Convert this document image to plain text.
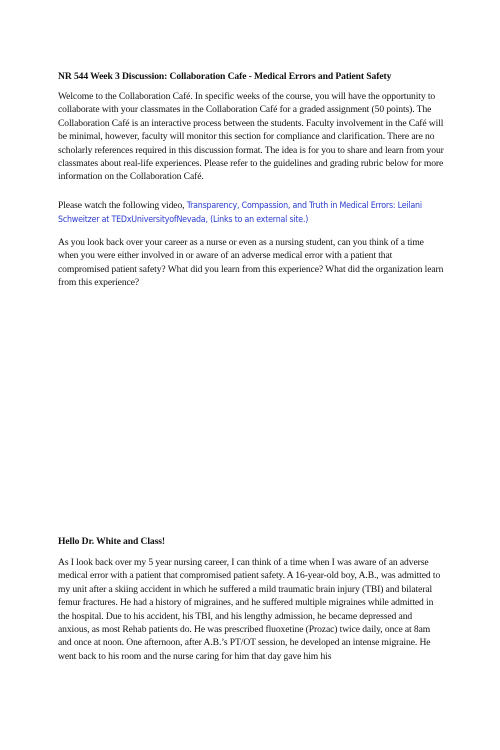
NR 544 Week 3 Discussion: Collaboration Cafe - Medical Errors and Patient Safety

Welcome to the Collaboration Café. In specific weeks of the course, you will have the opportunity to collaborate with your classmates in the Collaboration Café for a graded assignment (50 points). The Collaboration Café is an interactive process between the students. Faculty involvement in the Café will be minimal, however, faculty will monitor this section for compliance and clarification. There are no scholarly references required in this discussion format. The idea is for you to share and learn from your classmates about real-life experiences. Please refer to the guidelines and grading rubric below for more information on the Collaboration Café.

Please watch the following video, Transparency, Compassion, and Truth in Medical Errors: Leilani Schweitzer at TEDxUniversityofNevada, (Links to an external site.)

As you look back over your career as a nurse or even as a nursing student, can you think of a time when you were either involved in or aware of an adverse medical error with a patient that compromised patient safety? What did you learn from this experience? What did the organization learn from this experience?

Hello Dr. White and Class!

As I look back over my 5 year nursing career, I can think of a time when I was aware of an adverse medical error with a patient that compromised patient safety. A 16-year-old boy, A.B., was admitted to my unit after a skiing accident in which he suffered a mild traumatic brain injury (TBI) and bilateral femur fractures. He had a history of migraines, and he suffered multiple migraines while admitted in the hospital. Due to his accident, his TBI, and his lengthy admission, he became depressed and anxious, as most Rehab patients do. He was prescribed fluoxetine (Prozac) twice daily, once at 8am and once at noon. One afternoon, after A.B.’s PT/OT session, he developed an intense migraine. He went back to his room and the nurse caring for him that day gave him his
